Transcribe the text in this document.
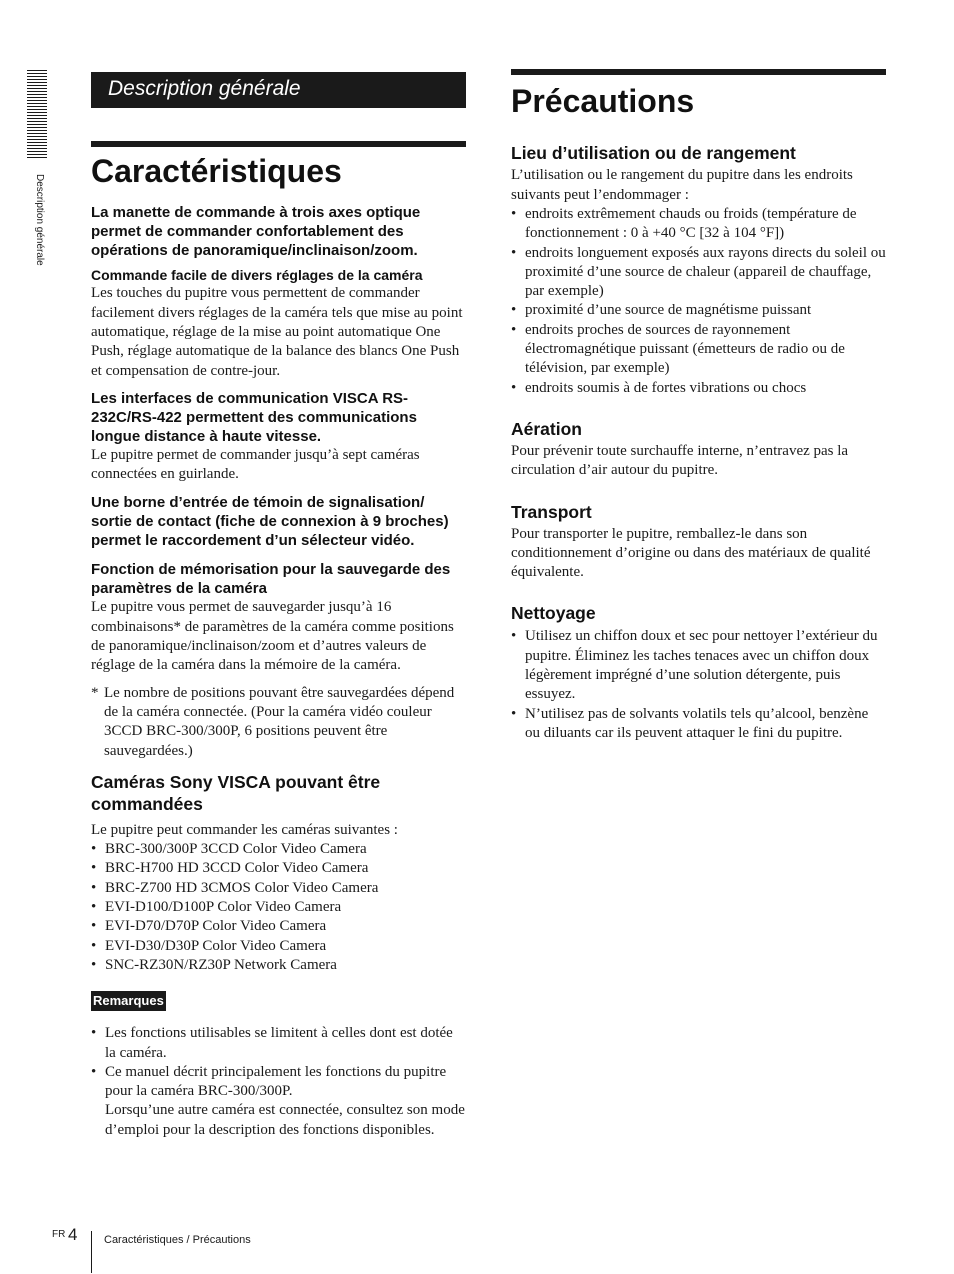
Description générale
Description générale
Caractéristiques

La manette de commande à trois axes optique permet de commander confortablement des opérations de panoramique/inclinaison/zoom.

Commande facile de divers réglages de la caméra

Les touches du pupitre vous permettent de commander facilement divers réglages de la caméra tels que mise au point automatique, réglage de la mise au point automatique One Push, réglage automatique de la balance des blancs One Push et compensation de contre-jour.

Les interfaces de communication VISCA RS-232C/RS-422 permettent des communications longue distance à haute vitesse.

Le pupitre permet de commander jusqu’à sept caméras connectées en guirlande.

Une borne d’entrée de témoin de signalisation/ sortie de contact (fiche de connexion à 9 broches) permet le raccordement d’un sélecteur vidéo.

Fonction de mémorisation pour la sauvegarde des paramètres de la caméra

Le pupitre vous permet de sauvegarder jusqu’à 16 combinaisons* de paramètres de la caméra comme positions de panoramique/inclinaison/zoom et d’autres valeurs de réglage de la caméra dans la mémoire de la caméra.

* Le nombre de positions pouvant être sauvegardées dépend de la caméra connectée. (Pour la caméra vidéo couleur 3CCD BRC-300/300P, 6 positions peuvent être sauvegardées.)

Caméras Sony VISCA pouvant être commandées

Le pupitre peut commander les caméras suivantes :

• BRC-300/300P 3CCD Color Video Camera
• BRC-H700 HD 3CCD Color Video Camera
• BRC-Z700 HD 3CMOS Color Video Camera
• EVI-D100/D100P Color Video Camera
• EVI-D70/D70P Color Video Camera
• EVI-D30/D30P Color Video Camera
• SNC-RZ30N/RZ30P Network Camera
Remarques
• Les fonctions utilisables se limitent à celles dont est dotée la caméra.
• Ce manuel décrit principalement les fonctions du pupitre pour la caméra BRC-300/300P.
Lorsqu’une autre caméra est connectée, consultez son mode d’emploi pour la description des fonctions disponibles.
Précautions

Lieu d’utilisation ou de rangement

L’utilisation ou le rangement du pupitre dans les endroits suivants peut l’endommager :

• endroits extrêmement chauds ou froids (température de fonctionnement : 0 à +40 °C [32 à 104 °F])
• endroits longuement exposés aux rayons directs du soleil ou proximité d’une source de chaleur (appareil de chauffage, par exemple)
• proximité d’une source de magnétisme puissant
• endroits proches de sources de rayonnement électromagnétique puissant (émetteurs de radio ou de télévision, par exemple)
• endroits soumis à de fortes vibrations ou chocs

Aération

Pour prévenir toute surchauffe interne, n’entravez pas la circulation d’air autour du pupitre.

Transport

Pour transporter le pupitre, remballez-le dans son conditionnement d’origine ou dans des matériaux de qualité équivalente.

Nettoyage

• Utilisez un chiffon doux et sec pour nettoyer l’extérieur du pupitre. Éliminez les taches tenaces avec un chiffon doux légèrement imprégné d’une solution détergente, puis essuyez.
• N’utilisez pas de solvants volatils tels qu’alcool, benzène ou diluants car ils peuvent attaquer le fini du pupitre.
FR 4 Caractéristiques / Précautions
